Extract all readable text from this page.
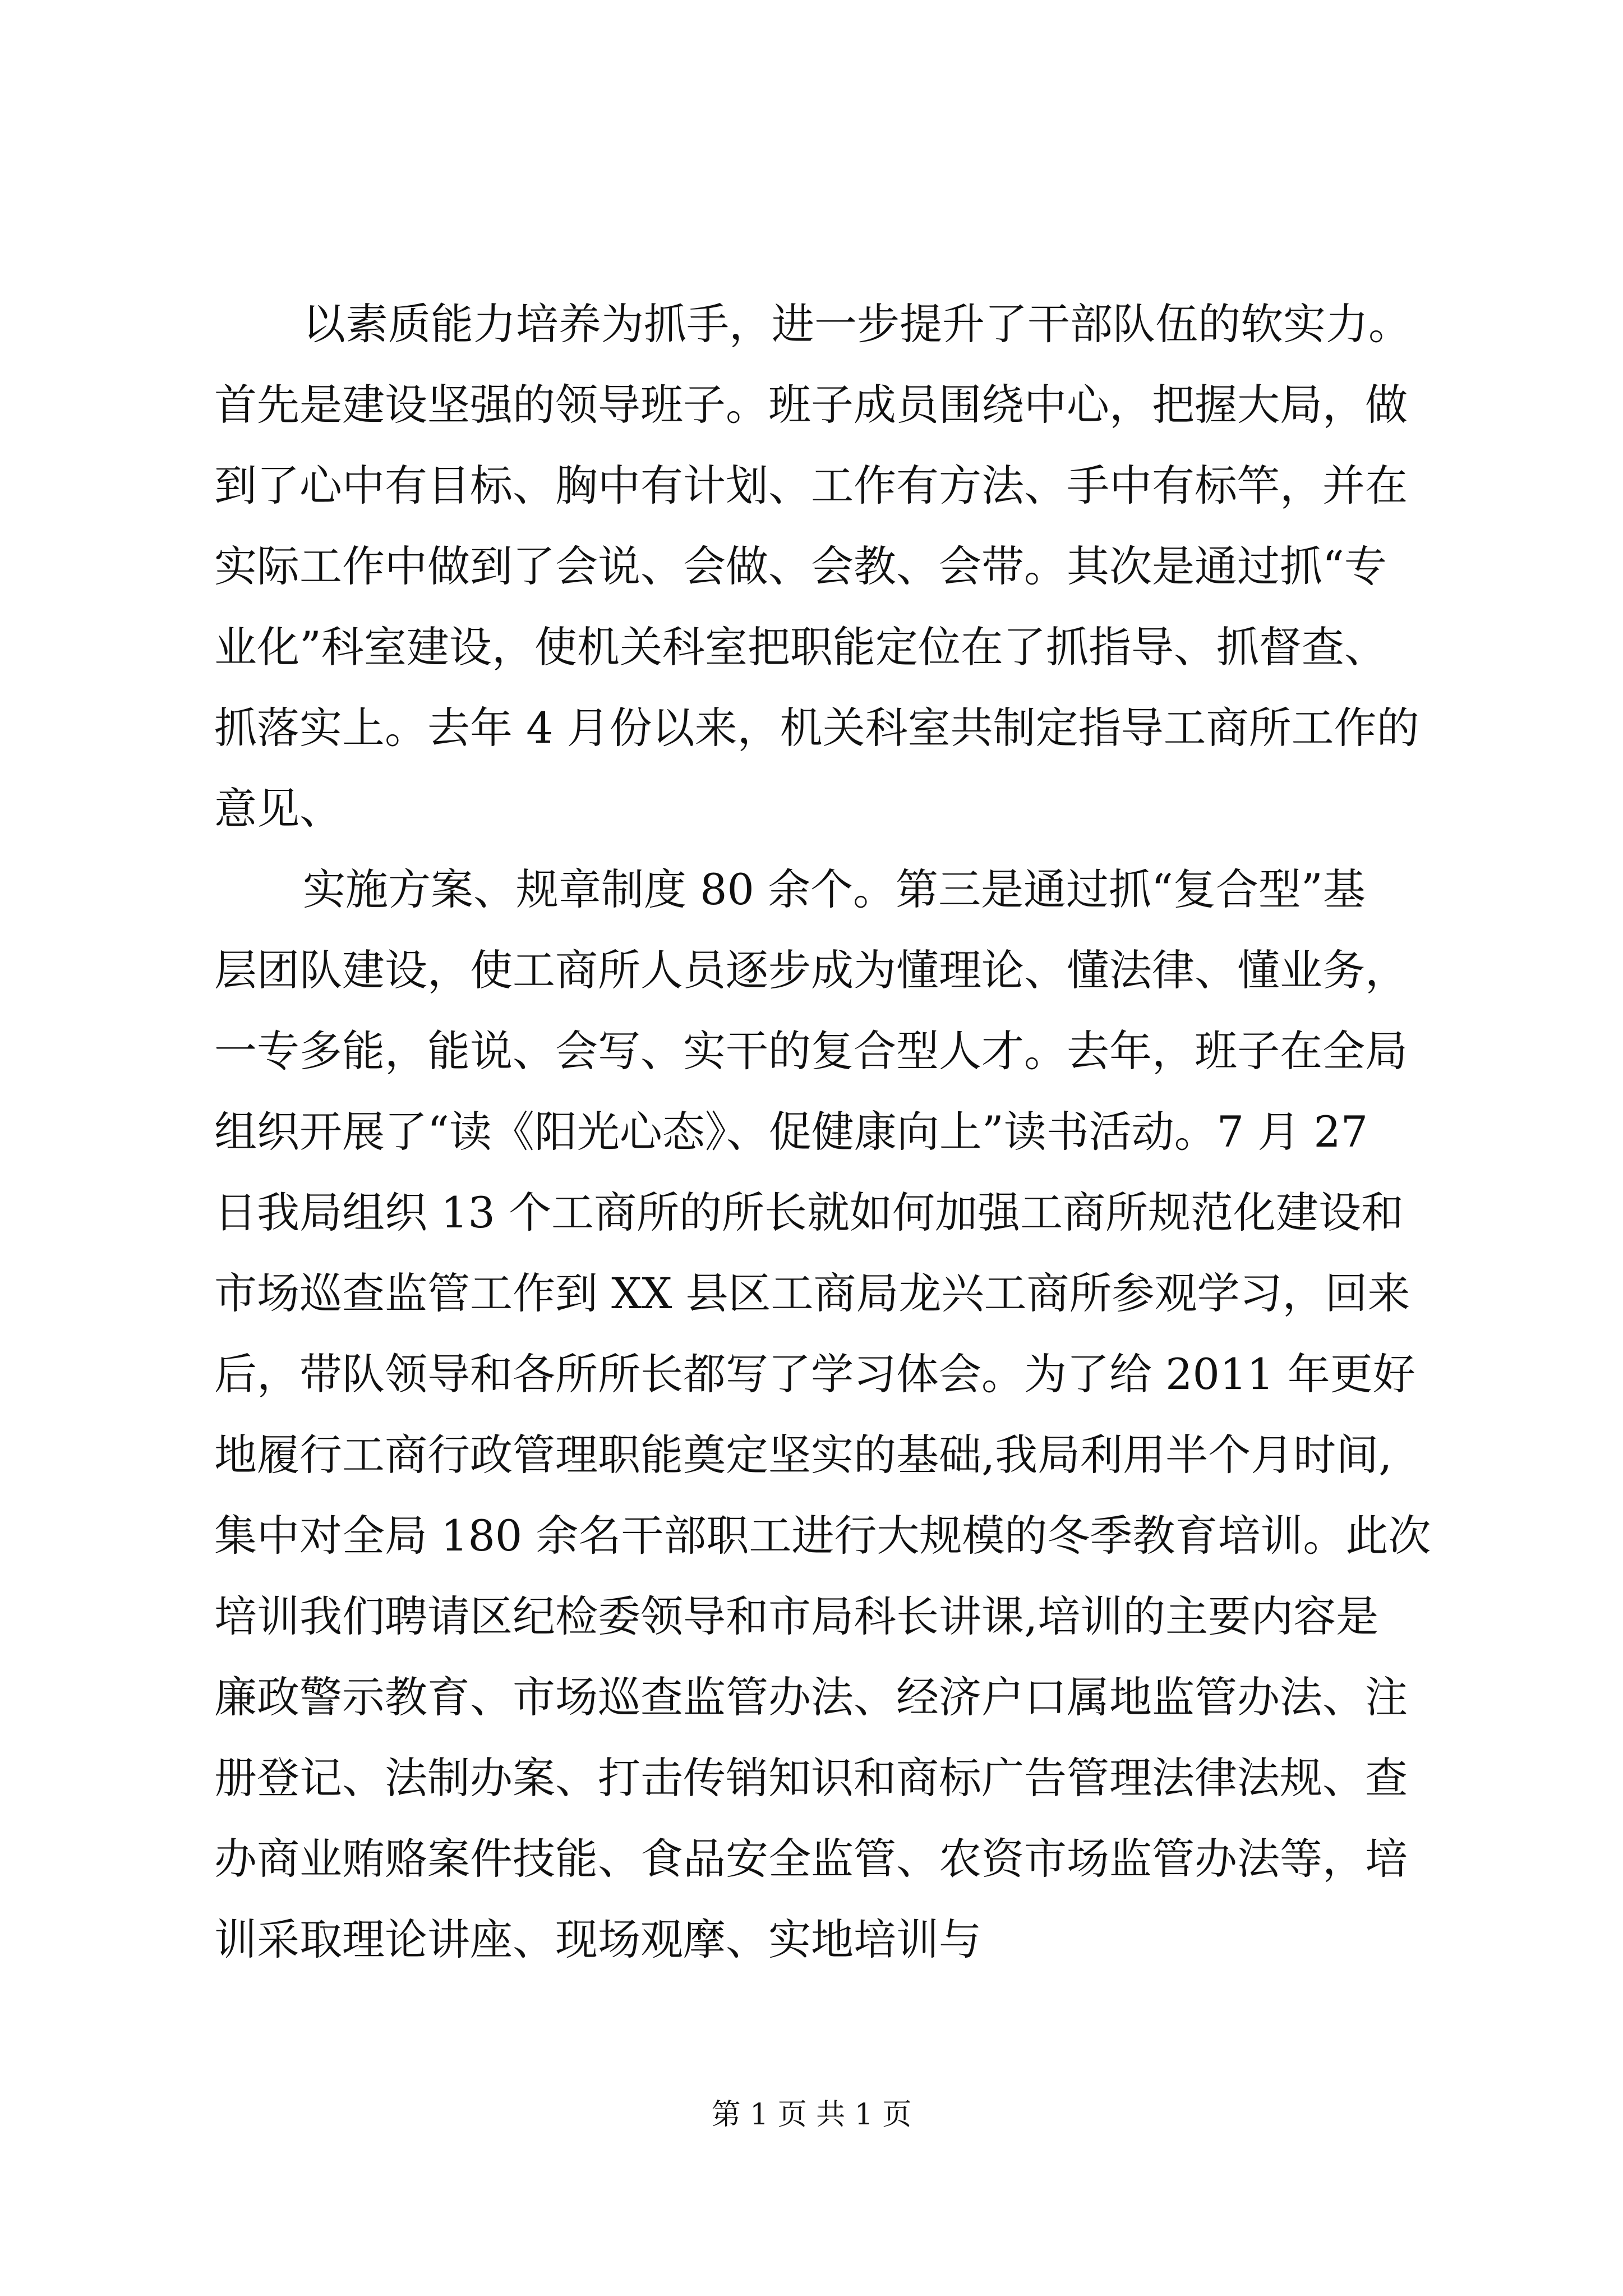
以素质能力培养为抓手，进一步提升了干部队伍的软实力。
首先是建设坚强的领导班子。班子成员围绕中心，把握大局，做
到了心中有目标、胸中有计划、工作有方法、手中有标竿，并在
实际工作中做到了会说、会做、会教、会带。其次是通过抓“专
业化”科室建设，使机关科室把职能定位在了抓指导、抓督查、
抓落实上。去年 4 月份以来，机关科室共制定指导工商所工作的
意见、
实施方案、规章制度 80 余个。第三是通过抓“复合型”基
层团队建设，使工商所人员逐步成为懂理论、懂法律、懂业务，
一专多能，能说、会写、实干的复合型人才。去年，班子在全局
组织开展了“读《阳光心态》、促健康向上”读书活动。7 月 27
日我局组织 13 个工商所的所长就如何加强工商所规范化建设和
市场巡查监管工作到 XX 县区工商局龙兴工商所参观学习，回来
后，带队领导和各所所长都写了学习体会。为了给 2011 年更好
地履行工商行政管理职能奠定坚实的基础,我局利用半个月时间,
集中对全局 180 余名干部职工进行大规模的冬季教育培训。此次
培训我们聘请区纪检委领导和市局科长讲课,培训的主要内容是
廉政警示教育、市场巡查监管办法、经济户口属地监管办法、注
册登记、法制办案、打击传销知识和商标广告管理法律法规、查
办商业贿赂案件技能、食品安全监管、农资市场监管办法等，培
训采取理论讲座、现场观摩、实地培训与
第 1 页 共 1 页
